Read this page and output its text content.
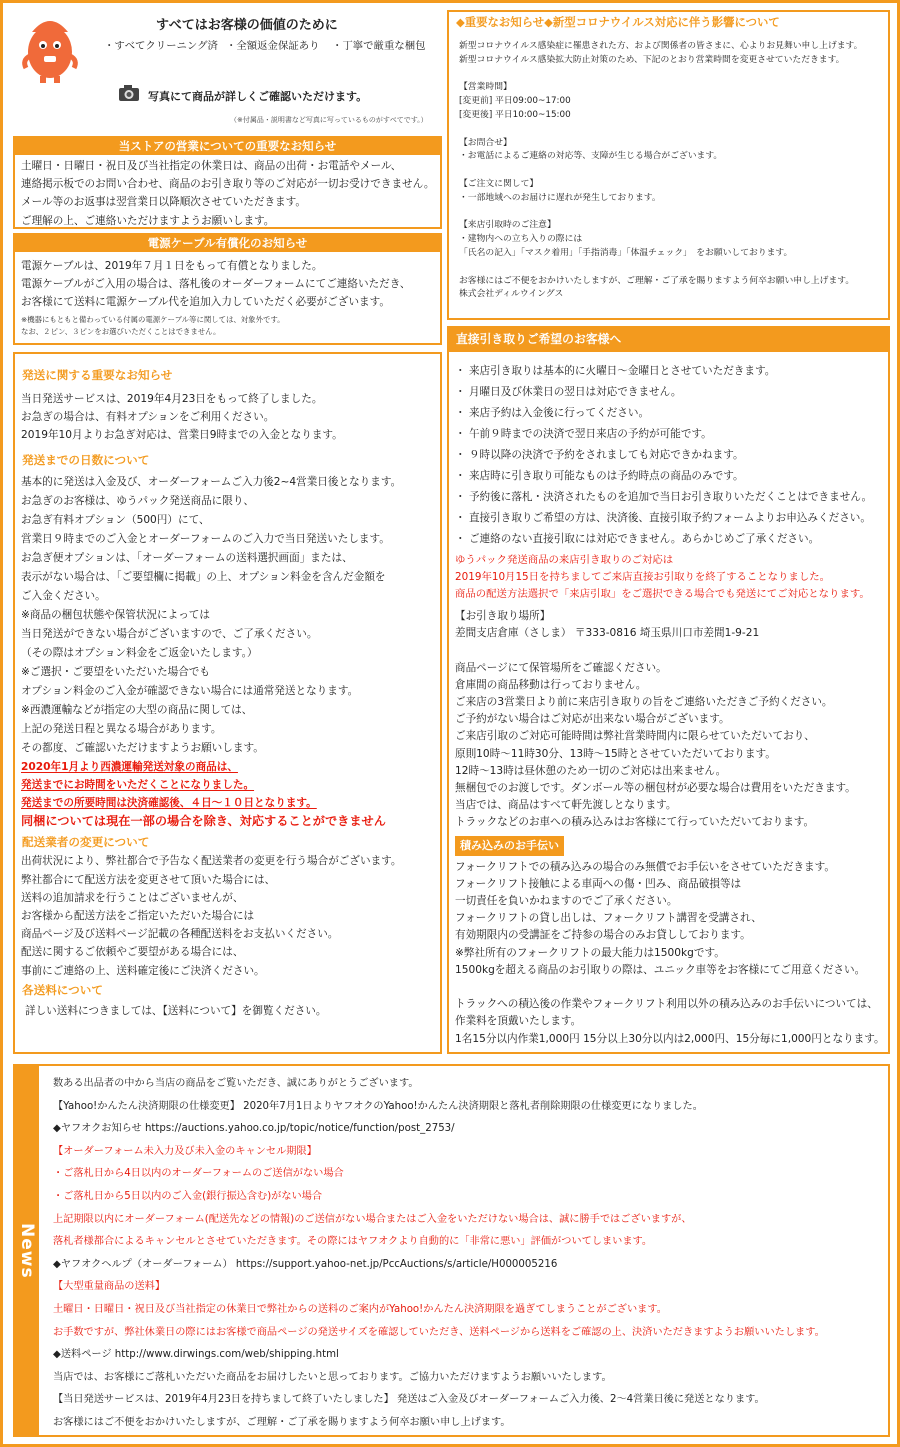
すべてはお客様の価値のために
・すべてクリーニング済 ・全額返金保証あり ・丁寧で厳重な梱包
写真にて商品が詳しくご確認いただけます。
（※付属品・説明書など写真に写っているものがすべてです。）
当ストアの営業についての重要なお知らせ
土曜日・日曜日・祝日及び当社指定の休業日は、商品の出荷・お電話やメール、
連絡掲示板でのお問い合わせ、商品のお引き取り等のご対応が一切お受けできません。
メール等のお返事は翌営業日以降順次させていただきます。
ご理解の上、ご連絡いただけますようお願いします。
電源ケーブル有償化のお知らせ
電源ケーブルは、2019年７月１日をもって有償となりました。
電源ケーブルがご入用の場合は、落札後のオーダーフォームにてご連絡いただき、
お客様にて送料に電源ケーブル代を追加入力していただく必要がございます。
※機器にもともと備わっている付属の電源ケーブル等に関しては、対象外です。
なお、２ピン、３ピンをお選びいただくことはできません。
発送に関する重要なお知らせ
当日発送サービスは、2019年4月23日をもって終了しました。
お急ぎの場合は、有料オプションをご利用ください。
2019年10月よりお急ぎ対応は、営業日9時までの入金となります。
発送までの日数について
基本的に発送は入金及び、オーダーフォームご入力後2~4営業日後となります。
お急ぎのお客様は、ゆうパック発送商品に限り、
お急ぎ有料オプション（500円）にて、
営業日９時までのご入金とオーダーフォームのご入力で当日発送いたします。
お急ぎ便オプションは、「オーダーフォームの送料選択画面」または、
表示がない場合は、「ご要望欄に掲載」の上、オプション料金を含んだ金額を
ご入金ください。
※商品の梱包状態や保管状況によっては
当日発送ができない場合がございますので、ご了承ください。
（その際はオプション料金をご返金いたします。）
※ご選択・ご要望をいただいた場合でも
オプション料金のご入金が確認できない場合には通常発送となります。
※西濃運輸などが指定の大型の商品に関しては、
上記の発送日程と異なる場合があります。
その都度、ご確認いただけますようお願いします。
2020年1月より西濃運輸発送対象の商品は、
発送までにお時間をいただくことになりました。
発送までの所要時間は決済確認後、４日～１０日となります。
同梱については現在一部の場合を除き、対応することができません
配送業者の変更について
出荷状況により、弊社都合で予告なく配送業者の変更を行う場合がございます。
弊社都合にて配送方法を変更させて頂いた場合には、
送料の追加請求を行うことはございませんが、
お客様から配送方法をご指定いただいた場合には
商品ページ及び送料ページ記載の各種配送料をお支払いください。
配送に関するご依頼やご要望がある場合には、
事前にご連絡の上、送料確定後にご決済ください。
各送料について
詳しい送料につきましては、【送料について】を御覧ください。
◆重要なお知らせ◆新型コロナウイルス対応に伴う影響について
新型コロナウイルス感染症に罹患された方、および関係者の皆さまに、心よりお見舞い申し上げます。
新型コロナウイルス感染拡大防止対策のため、下記のとおり営業時間を変更させていただきます。

【営業時間】
[変更前] 平日09:00~17:00
[変更後] 平日10:00~15:00

【お問合せ】
・お電話によるご連絡の対応等、支障が生じる場合がございます。

【ご注文に関して】
・一部地域へのお届けに遅れが発生しております。

【来店引取時のご注意】
・建物内への立ち入りの際には
「氏名の記入」「マスク着用」「手指消毒」「体温チェック」　をお願いしております。

お客様にはご不便をおかけいたしますが、ご理解・ご了承を賜りますよう何卒お願い申し上げます。
株式会社ディルウイングス
直接引き取りご希望のお客様へ
・ 来店引き取りは基本的に火曜日～金曜日とさせていただきます。
・ 月曜日及び休業日の翌日は対応できません。
・ 来店予約は入金後に行ってください。
・ 午前９時までの決済で翌日来店の予約が可能です。
・ ９時以降の決済で予約をされましても対応できかねます。
・ 来店時に引き取り可能なものは予約時点の商品のみです。
・ 予約後に落札・決済されたものを追加で当日お引き取りいただくことはできません。
・ 直接引き取りご希望の方は、決済後、直接引取予約フォームよりお申込みください。
・ ご連絡のない直接引取には対応できません。あらかじめご了承ください。
ゆうパック発送商品の来店引き取りのご対応は
2019年10月15日を持ちましてご来店直接お引取りを終了することなりました。
商品の配送方法選択で「来店引取」をご選択できる場合でも発送にてご対応となります。
【お引き取り場所】
差間支店倉庫（さしま） 〒333-0816 埼玉県川口市差間1-9-21

商品ページにて保管場所をご確認ください。
倉庫間の商品移動は行っておりません。
ご来店の3営業日より前に来店引き取りの旨をご連絡いただきご予約ください。
ご予約がない場合はご対応が出来ない場合がございます。
ご来店引取のご対応可能時間は弊社営業時間内に限らせていただいており、
原則10時～11時30分、13時～15時とさせていただいております。
12時～13時は昼休憩のため一切のご対応は出来ません。
無梱包でのお渡しです。ダンボール等の梱包材が必要な場合は費用をいただきます。
当店では、商品はすべて軒先渡しとなります。
トラックなどのお車への積み込みはお客様にて行っていただいております。
積み込みのお手伝い
フォークリフトでの積み込みの場合のみ無償でお手伝いをさせていただきます。
フォークリフト接触による車両への傷・凹み、商品破損等は
一切責任を負いかねますのでご了承ください。
フォークリフトの貸し出しは、フォークリフト講習を受講され、
有効期限内の受講証をご持参の場合のみお貸ししております。
※弊社所有のフォークリフトの最大能力は1500kgです。
1500kgを超える商品のお引取りの際は、ユニック車等をお客様にてご用意ください。

トラックへの積込後の作業やフォークリフト利用以外の積み込みのお手伝いについては、
作業料を頂戴いたします。
1名15分以内作業1,000円 15分以上30分以内は2,000円、15分毎に1,000円となります。
News
数ある出品者の中から当店の商品をご覧いただき、誠にありがとうございます。
【Yahoo!かんたん決済期限の仕様変更】 2020年7月1日よりヤフオクのYahoo!かんたん決済期限と落札者削除期限の仕様変更になりました。
◆ヤフオクお知らせ https://auctions.yahoo.co.jp/topic/notice/function/post_2753/
【オーダーフォーム未入力及び未入金のキャンセル期限】
・ご落札日から4日以内のオーダーフォームのご送信がない場合
・ご落札日から5日以内のご入金(銀行振込含む)がない場合
上記期限以内にオーダーフォーム(配送先などの情報)のご送信がない場合またはご入金をいただけない場合は、誠に勝手ではございますが、
落札者様都合によるキャンセルとさせていただきます。その際にはヤフオクより自動的に「非常に悪い」評価がついてしまいます。
◆ヤフオクヘルプ（オーダーフォーム） https://support.yahoo-net.jp/PccAuctions/s/article/H000005216
【大型重量商品の送料】
土曜日・日曜日・祝日及び当社指定の休業日で弊社からの送料のご案内がYahoo!かんたん決済期限を過ぎてしまうことがございます。
お手数ですが、弊社休業日の際にはお客様で商品ページの発送サイズを確認していただき、送料ページから送料をご確認の上、決済いただきますようお願いいたします。
◆送料ページ http://www.dirwings.com/web/shipping.html
当店では、お客様にご落札いただいた商品をお届けしたいと思っております。ご協力いただけますようお願いいたします。
【当日発送サービスは、2019年4月23日を持ちまして終了いたしました】 発送はご入金及びオーダーフォームご入力後、2～4営業日後に発送となります。
お客様にはご不便をおかけいたしますが、ご理解・ご了承を賜りますよう何卒お願い申し上げます。
